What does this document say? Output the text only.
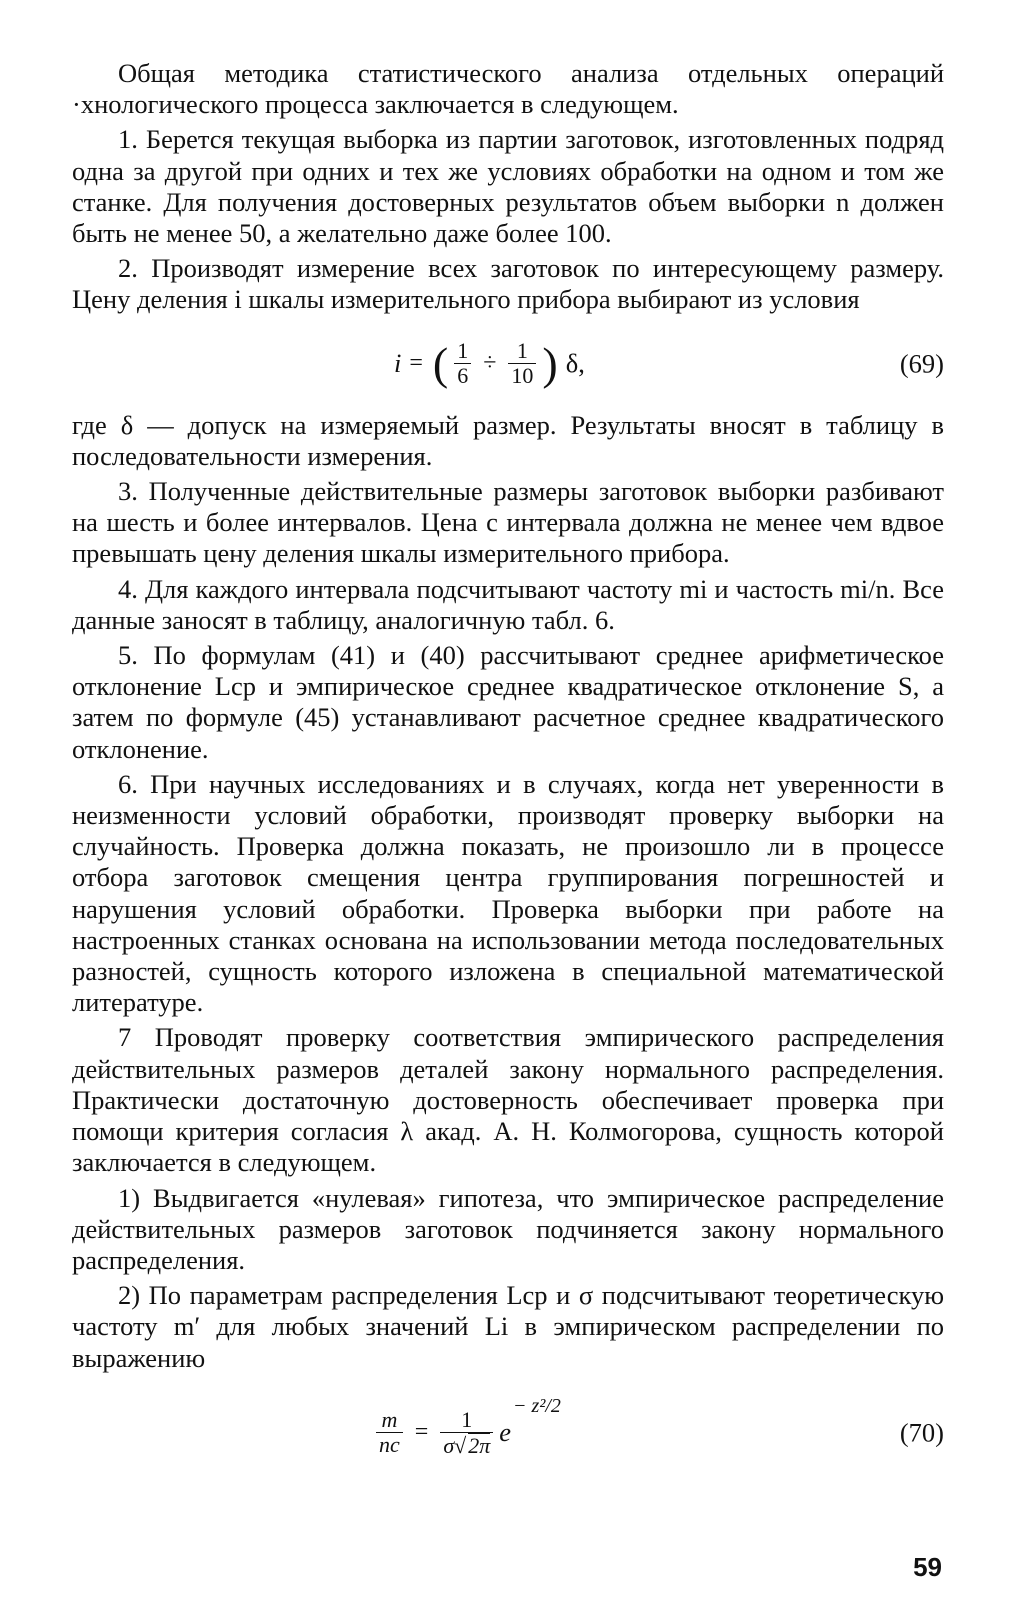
Общая методика статистического анализа отдельных операций ·хнологического процесса заключается в следующем.

1. Берется текущая выборка из партии заготовок, изготовленных подряд одна за другой при одних и тех же условиях обработки на одном и том же станке. Для получения достоверных результатов объем выборки n должен быть не менее 50, а желательно даже более 100.

2. Производят измерение всех заготовок по интересующему размеру. Цену деления i шкалы измерительного прибора выбирают из условия

i = ( $\frac{1}{6} \div \frac{1}{10}$ ) δ,	(69)

где δ — допуск на измеряемый размер. Результаты вносят в таблицу в последовательности измерения.

3. Полученные действительные размеры заготовок выборки разбивают на шесть и более интервалов. Цена с интервала должна не менее чем вдвое превышать цену деления шкалы измерительного прибора.

4. Для каждого интервала подсчитывают частоту mi и частость mi/n. Все данные заносят в таблицу, аналогичную табл. 6.

5. По формулам (41) и (40) рассчитывают среднее арифметическое отклонение Lср и эмпирическое среднее квадратическое отклонение S, а затем по формуле (45) устанавливают расчетное среднее квадратического отклонение.

6. При научных исследованиях и в случаях, когда нет уверенности в неизменности условий обработки, производят проверку выборки на случайность. Проверка должна показать, не произошло ли в процессе отбора заготовок смещения центра группирования погрешностей и нарушения условий обработки. Проверка выборки при работе на настроенных станках основана на использовании метода последовательных разностей, сущность которого изложена в специальной математической литературе.

7 Проводят проверку соответствия эмпирического распределения действительных размеров деталей закону нормального распределения. Практически достаточную достоверность обеспечивает проверка при помощи критерия согласия λ акад. А. Н. Колмогорова, сущность которой заключается в следующем.

1) Выдвигается «нулевая» гипотеза, что эмпирическое распределение действительных размеров заготовок подчиняется закону нормального распределения.

2) По параметрам распределения Lср и σ подсчитывают теоретическую частоту m′ для любых значений Li в эмпирическом распределении по выражению

$\frac{m}{nc} = \frac{1}{\sigma√2\pi}$ e
− z²/2
(70)
59
